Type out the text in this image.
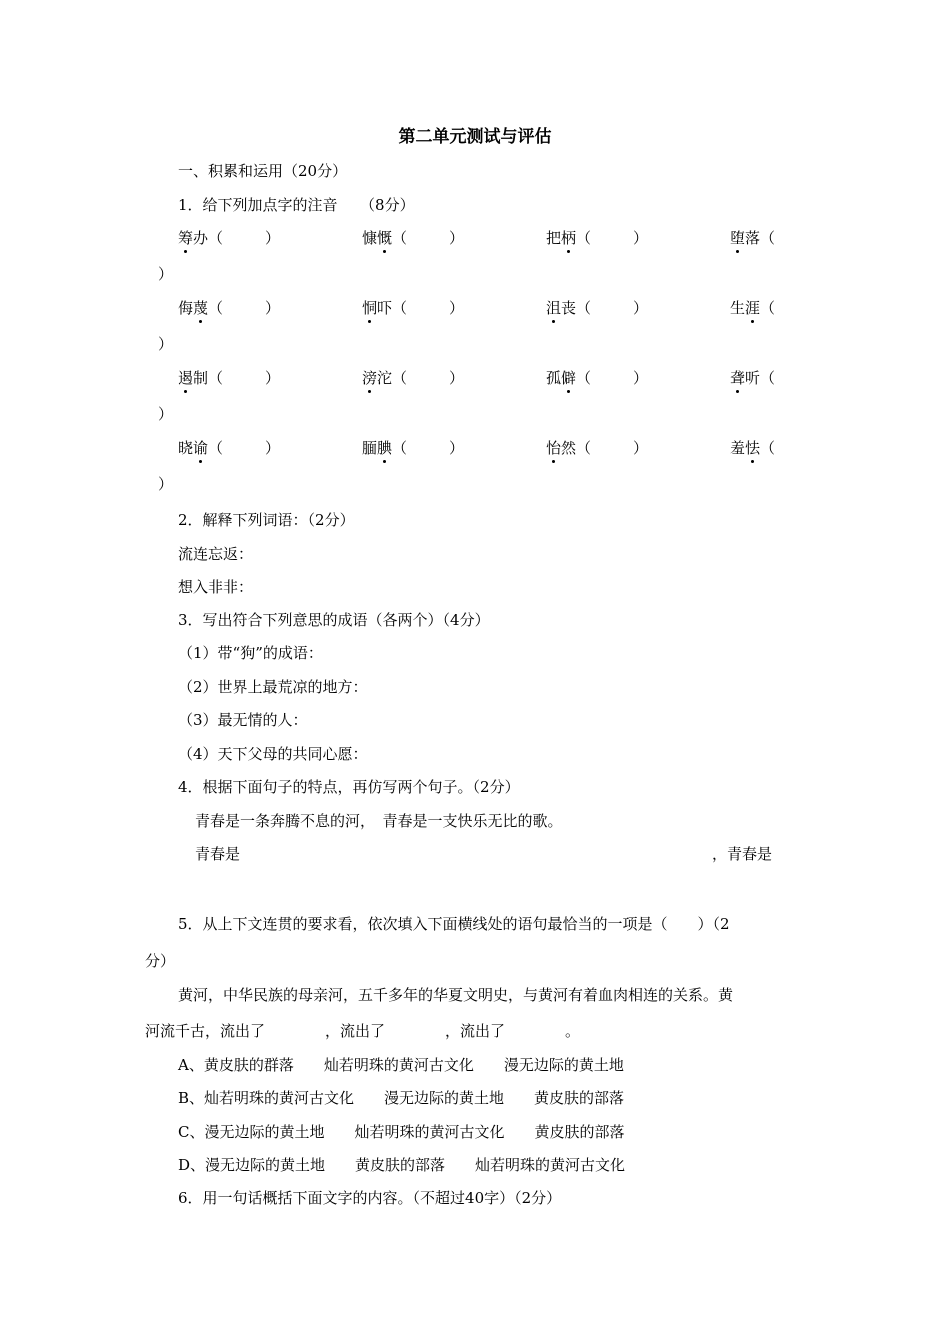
第二单元测试与评估
一、积累和运用（20分）
1．给下列加点字的注音　　（8分）
筹办（	）	慷慨（	）	把柄（	）	堕落（
）
侮蔑（	）	恫吓（	）	沮丧（	）	生涯（
）
遏制（	）	滂沱（	）	孤僻（	）	聋听（
）
晓谕（	）	腼腆（	）	怡然（	）	羞怯（
）
2．解释下列词语：（2分）
流连忘返：
想入非非：
3．写出符合下列意思的成语（各两个）（4分）
（1）带“狗”的成语：
（2）世界上最荒凉的地方：
（3）最无情的人：
（4）天下父母的共同心愿：
4．根据下面句子的特点，再仿写两个句子。（2分）
青春是一条奔腾不息的河，　青春是一支快乐无比的歌。
青春是	，青春是
5．从上下文连贯的要求看，依次填入下面横线处的语句最恰当的一项是（　　）（2
分）
黄河，中华民族的母亲河，五千多年的华夏文明史，与黄河有着血肉相连的关系。黄
河流千古，流出了　　　　，流出了　　　　，流出了　　　　。
A、黄皮肤的群落　　灿若明珠的黄河古文化　　漫无边际的黄土地
B、灿若明珠的黄河古文化　　漫无边际的黄土地　　黄皮肤的部落
C、漫无边际的黄土地　　灿若明珠的黄河古文化　　黄皮肤的部落
D、漫无边际的黄土地　　黄皮肤的部落　　灿若明珠的黄河古文化
6．用一句话概括下面文字的内容。（不超过40字）（2分）
